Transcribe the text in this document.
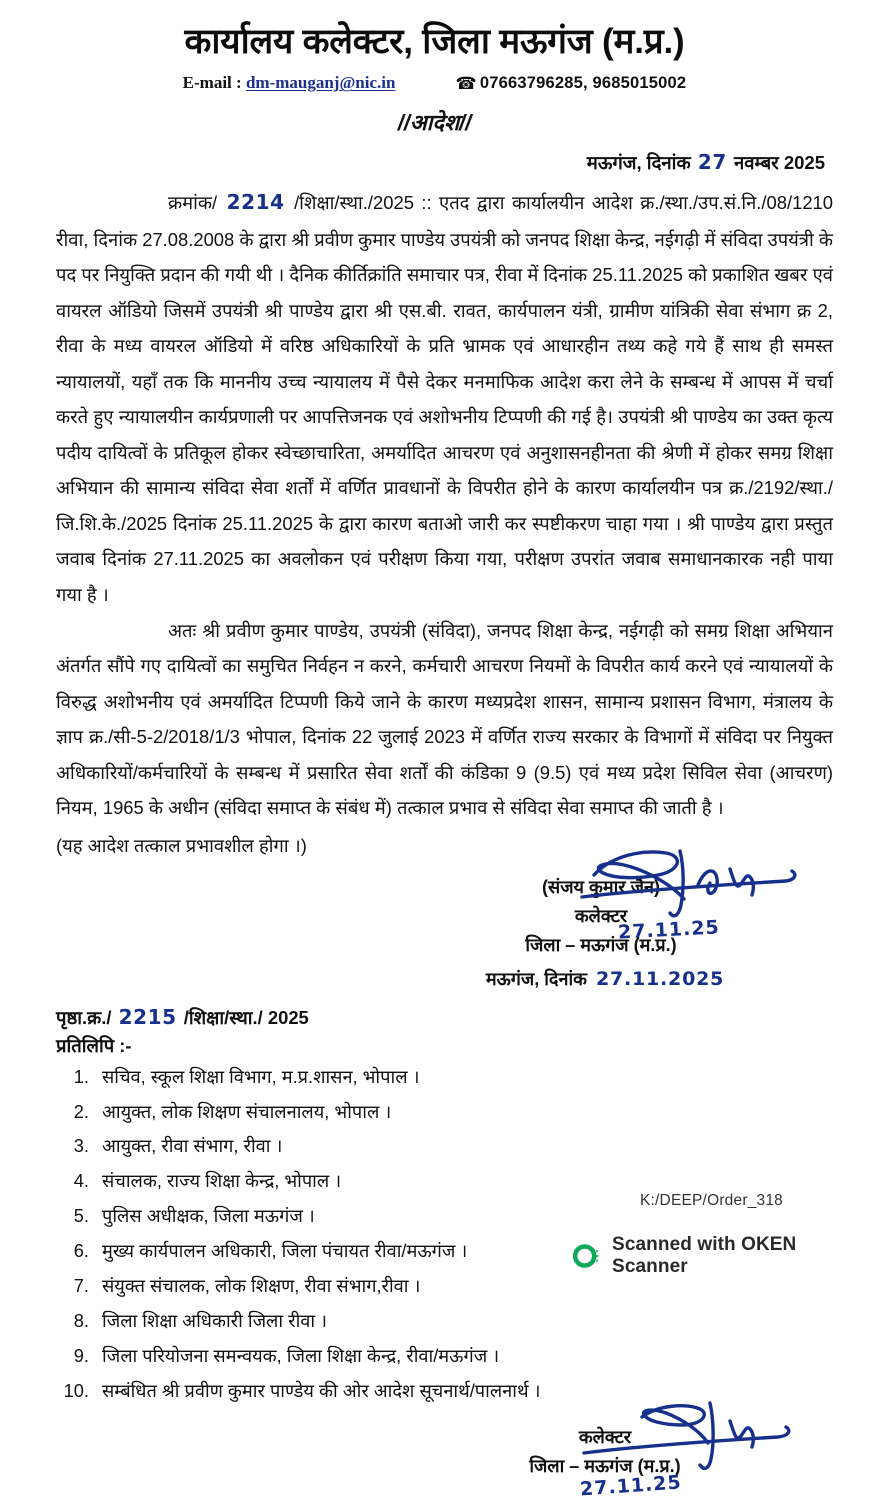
कार्यालय कलेक्टर, जिला मऊगंज (म.प्र.)
E-mail : dm-mauganj@nic.in	☎ 07663796285, 9685015002
//आदेश//
मऊगंज, दिनांक 27 नवम्बर 2025

क्रमांक/ 2214 /शिक्षा/स्था./2025 :: एतद द्वारा कार्यालयीन आदेश क्र./स्था./उप.सं.नि./08/1210 रीवा, दिनांक 27.08.2008 के द्वारा श्री प्रवीण कुमार पाण्डेय उपयंत्री को जनपद शिक्षा केन्द्र, नईगढ़ी में संविदा उपयंत्री के पद पर नियुक्ति प्रदान की गयी थी । दैनिक कीर्तिक्रांति समाचार पत्र, रीवा में दिनांक 25.11.2025 को प्रकाशित खबर एवं वायरल ऑडियो जिसमें उपयंत्री श्री पाण्डेय द्वारा श्री एस.बी. रावत, कार्यपालन यंत्री, ग्रामीण यांत्रिकी सेवा संभाग क्र 2, रीवा के मध्य वायरल ऑडियो में वरिष्ठ अधिकारियों के प्रति भ्रामक एवं आधारहीन तथ्य कहे गये हैं साथ ही समस्त न्यायालयों, यहाँ तक कि माननीय उच्च न्यायालय में पैसे देकर मनमाफिक आदेश करा लेने के सम्बन्ध में आपस में चर्चा करते हुए न्यायालयीन कार्यप्रणाली पर आपत्तिजनक एवं अशोभनीय टिप्पणी की गई है। उपयंत्री श्री पाण्डेय का उक्त कृत्य पदीय दायित्वों के प्रतिकूल होकर स्वेच्छाचारिता, अमर्यादित आचरण एवं अनुशासनहीनता की श्रेणी में होकर समग्र शिक्षा अभियान की सामान्य संविदा सेवा शर्तों में वर्णित प्रावधानों के विपरीत होने के कारण कार्यालयीन पत्र क्र./2192/स्था./जि.शि.के./2025 दिनांक 25.11.2025 के द्वारा कारण बताओ जारी कर स्पष्टीकरण चाहा गया । श्री पाण्डेय द्वारा प्रस्तुत जवाब दिनांक 27.11.2025 का अवलोकन एवं परीक्षण किया गया, परीक्षण उपरांत जवाब समाधानकारक नही पाया गया है ।

अतः श्री प्रवीण कुमार पाण्डेय, उपयंत्री (संविदा), जनपद शिक्षा केन्द्र, नईगढ़ी को समग्र शिक्षा अभियान अंतर्गत सौंपे गए दायित्वों का समुचित निर्वहन न करने, कर्मचारी आचरण नियमों के विपरीत कार्य करने एवं न्यायालयों के विरुद्ध अशोभनीय एवं अमर्यादित टिप्पणी किये जाने के कारण मध्यप्रदेश शासन, सामान्य प्रशासन विभाग, मंत्रालय के ज्ञाप क्र./सी-5-2/2018/1/3 भोपाल, दिनांक 22 जुलाई 2023 में वर्णित राज्य सरकार के विभागों में संविदा पर नियुक्त अधिकारियों/कर्मचारियों के सम्बन्ध में प्रसारित सेवा शर्तों की कंडिका 9 (9.5) एवं मध्य प्रदेश सिविल सेवा (आचरण) नियम, 1965 के अधीन (संविदा समाप्त के संबंध में) तत्काल प्रभाव से संविदा सेवा समाप्त की जाती है ।

(यह आदेश तत्काल प्रभावशील होगा ।)
27.11.25
(संजय कुमार जैन)
कलेक्टर
जिला – मऊगंज (म.प्र.)
मऊगंज, दिनांक 27.11.2025
पृष्ठा.क्र./ 2215 /शिक्षा/स्था./ 2025
प्रतिलिपि :-
1. सचिव, स्कूल शिक्षा विभाग, म.प्र.शासन, भोपाल ।
2. आयुक्त, लोक शिक्षण संचालनालय, भोपाल ।
3. आयुक्त, रीवा संभाग, रीवा ।
4. संचालक, राज्य शिक्षा केन्द्र, भोपाल ।
5. पुलिस अधीक्षक, जिला मऊगंज ।
6. मुख्य कार्यपालन अधिकारी, जिला पंचायत रीवा/मऊगंज ।
7. संयुक्त संचालक, लोक शिक्षण, रीवा संभाग,रीवा ।
8. जिला शिक्षा अधिकारी जिला रीवा ।
9. जिला परियोजना समन्वयक, जिला शिक्षा केन्द्र, रीवा/मऊगंज ।
10. सम्बंधित श्री प्रवीण कुमार पाण्डेय की ओर आदेश सूचनार्थ/पालनार्थ ।
27.11.25
कलेक्टर
जिला – मऊगंज (म.प्र.)
K:/DEEP/Order_318
Scanned with OKEN Scanner
